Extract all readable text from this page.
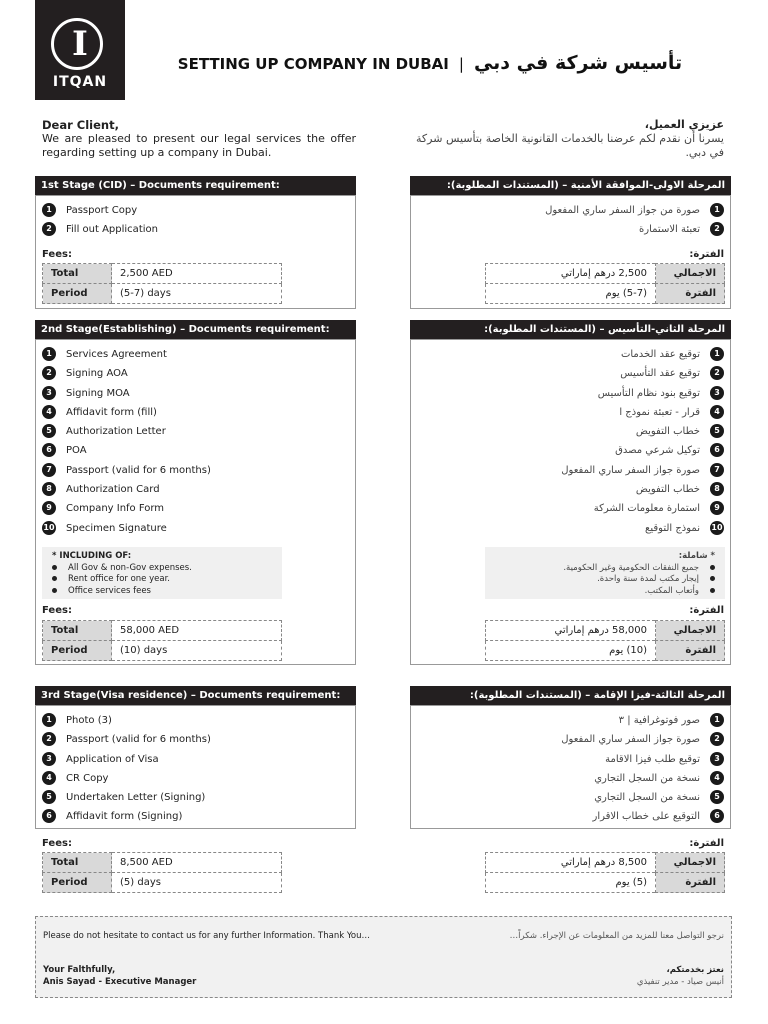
I
ITQAN
SETTING UP COMPANY IN DUBAI | تأسيس شركة في دبي
Dear Client,
We are pleased to present our legal services the offer regarding setting up a company in Dubai.
عزيزي العميل،
يسرنا أن نقدم لكم عرضنا بالخدمات القانونية الخاصة بتأسيس شركة في دبي.
1st Stage (CID) – Documents requirement:	المرحلة الاولى-الموافقة الأمنية – (المستندات المطلوبة):
1 Passport Copy
2 Fill out Application
1صورة من جواز السفر ساري المفعول
2تعبئة الاستمارة
Fees:	الفترة:
Total	2,500 AED
Period	(5-7) days
الاجمالي	2,500 درهم إماراتي
الفترة	(5-7) يوم
2nd Stage(Establishing) – Documents requirement:	المرحلة الثاني-التأسيس – (المستندات المطلوبة):
1 Services Agreement
2 Signing AOA
3 Signing MOA
4 Affidavit form (fill)
5 Authorization Letter
6 POA
7 Passport (valid for 6 months)
8 Authorization Card
9 Company Info Form
10 Specimen Signature
1توقيع عقد الخدمات
2توقيع عقد التأسيس
3توقيع بنود نظام التأسيس
4قرار - تعبئة نموذج ا
5خطاب التفويض
6توكيل شرعي مصدق
7صورة جواز السفر ساري المفعول
8خطاب التفويض
9استمارة معلومات الشركة
10نموذج التوقيع
* INCLUDING OF:
All Gov & non-Gov expenses.
Rent office for one year.
Office services fees
* شاملة:
جميع النفقات الحكومية وغير الحكومية.
إيجار مكتب لمدة سنة واحدة.
وأتعاب المكتب.
Fees:	الفترة:
Total	58,000 AED
Period	(10) days
الاجمالي	58,000 درهم إماراتي
الفترة	(10) يوم
3rd Stage(Visa residence) – Documents requirement:	المرحلة الثالثة-فيزا الإقامة – (المستندات المطلوبة):
1 Photo (3)
2 Passport (valid for 6 months)
3 Application of Visa
4 CR Copy
5 Undertaken Letter (Signing)
6 Affidavit form (Signing)
1صور فوتوغرافية | ٣
2صورة جواز السفر ساري المفعول
3توقيع طلب فيزا الاقامة
4نسخة من السجل التجاري
5نسخة من السجل التجاري
6التوقيع على خطاب الاقرار
Fees:	الفترة:
Total	8,500 AED
Period	(5) days
الاجمالي	8,500 درهم إماراتي
الفترة	(5) يوم
Please do not hesitate to contact us for any further Information. Thank You…	نرجو التواصل معنا للمزيد من المعلومات عن الإجراء. شكراً…
Your Falthfully,
Anis Sayad - Executive Manager
نعتز بخدمتكم،
أنيس صياد - مدير تنفيذي
